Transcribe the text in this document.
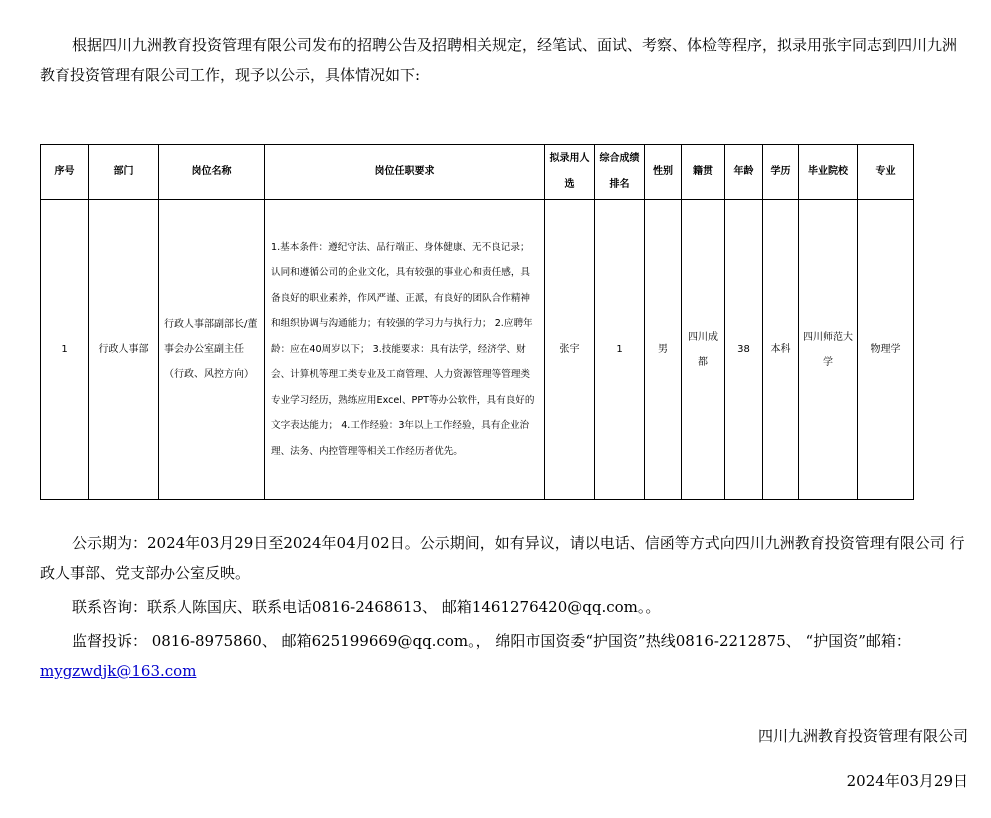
根据四川九洲教育投资管理有限公司发布的招聘公告及招聘相关规定，经笔试、面试、考察、体检等程序，拟录用张宇同志到四川九洲教育投资管理有限公司工作，现予以公示，具体情况如下:

序号	部门	岗位名称	岗位任职要求	拟录用人选	综合成绩排名	性别	籍贯	年龄	学历	毕业院校	专业
1	行政人事部	行政人事部副部长/董事会办公室副主任（行政、风控方向）	1.基本条件：遵纪守法、品行端正、身体健康、无不良记录；认同和遵循公司的企业文化，具有较强的事业心和责任感，具备良好的职业素养，作风严谨、正派，有良好的团队合作精神和组织协调与沟通能力；有较强的学习力与执行力； 2.应聘年龄：应在40周岁以下； 3.技能要求：具有法学，经济学、财会、计算机等理工类专业及工商管理、人力资源管理等管理类专业学习经历，熟练应用Excel、PPT等办公软件，具有良好的文字表达能力； 4.工作经验：3年以上工作经验，具有企业治理、法务、内控管理等相关工作经历者优先。	张宇	1	男	四川成都	38	本科	四川师范大学	物理学

公示期为：2024年03月29日至2024年04月02日。公示期间，如有异议，请以电话、信函等方式向四川九洲教育投资管理有限公司 行政人事部、党支部办公室反映。

联系咨询：联系人陈国庆、联系电话0816-2468613、 邮箱1461276420@qq.com。。

监督投诉： 0816-8975860、 邮箱625199669@qq.com。， 绵阳市国资委“护国资”热线0816-2212875、 “护国资”邮箱：mygzwdjk@163.com

四川九洲教育投资管理有限公司
2024年03月29日
